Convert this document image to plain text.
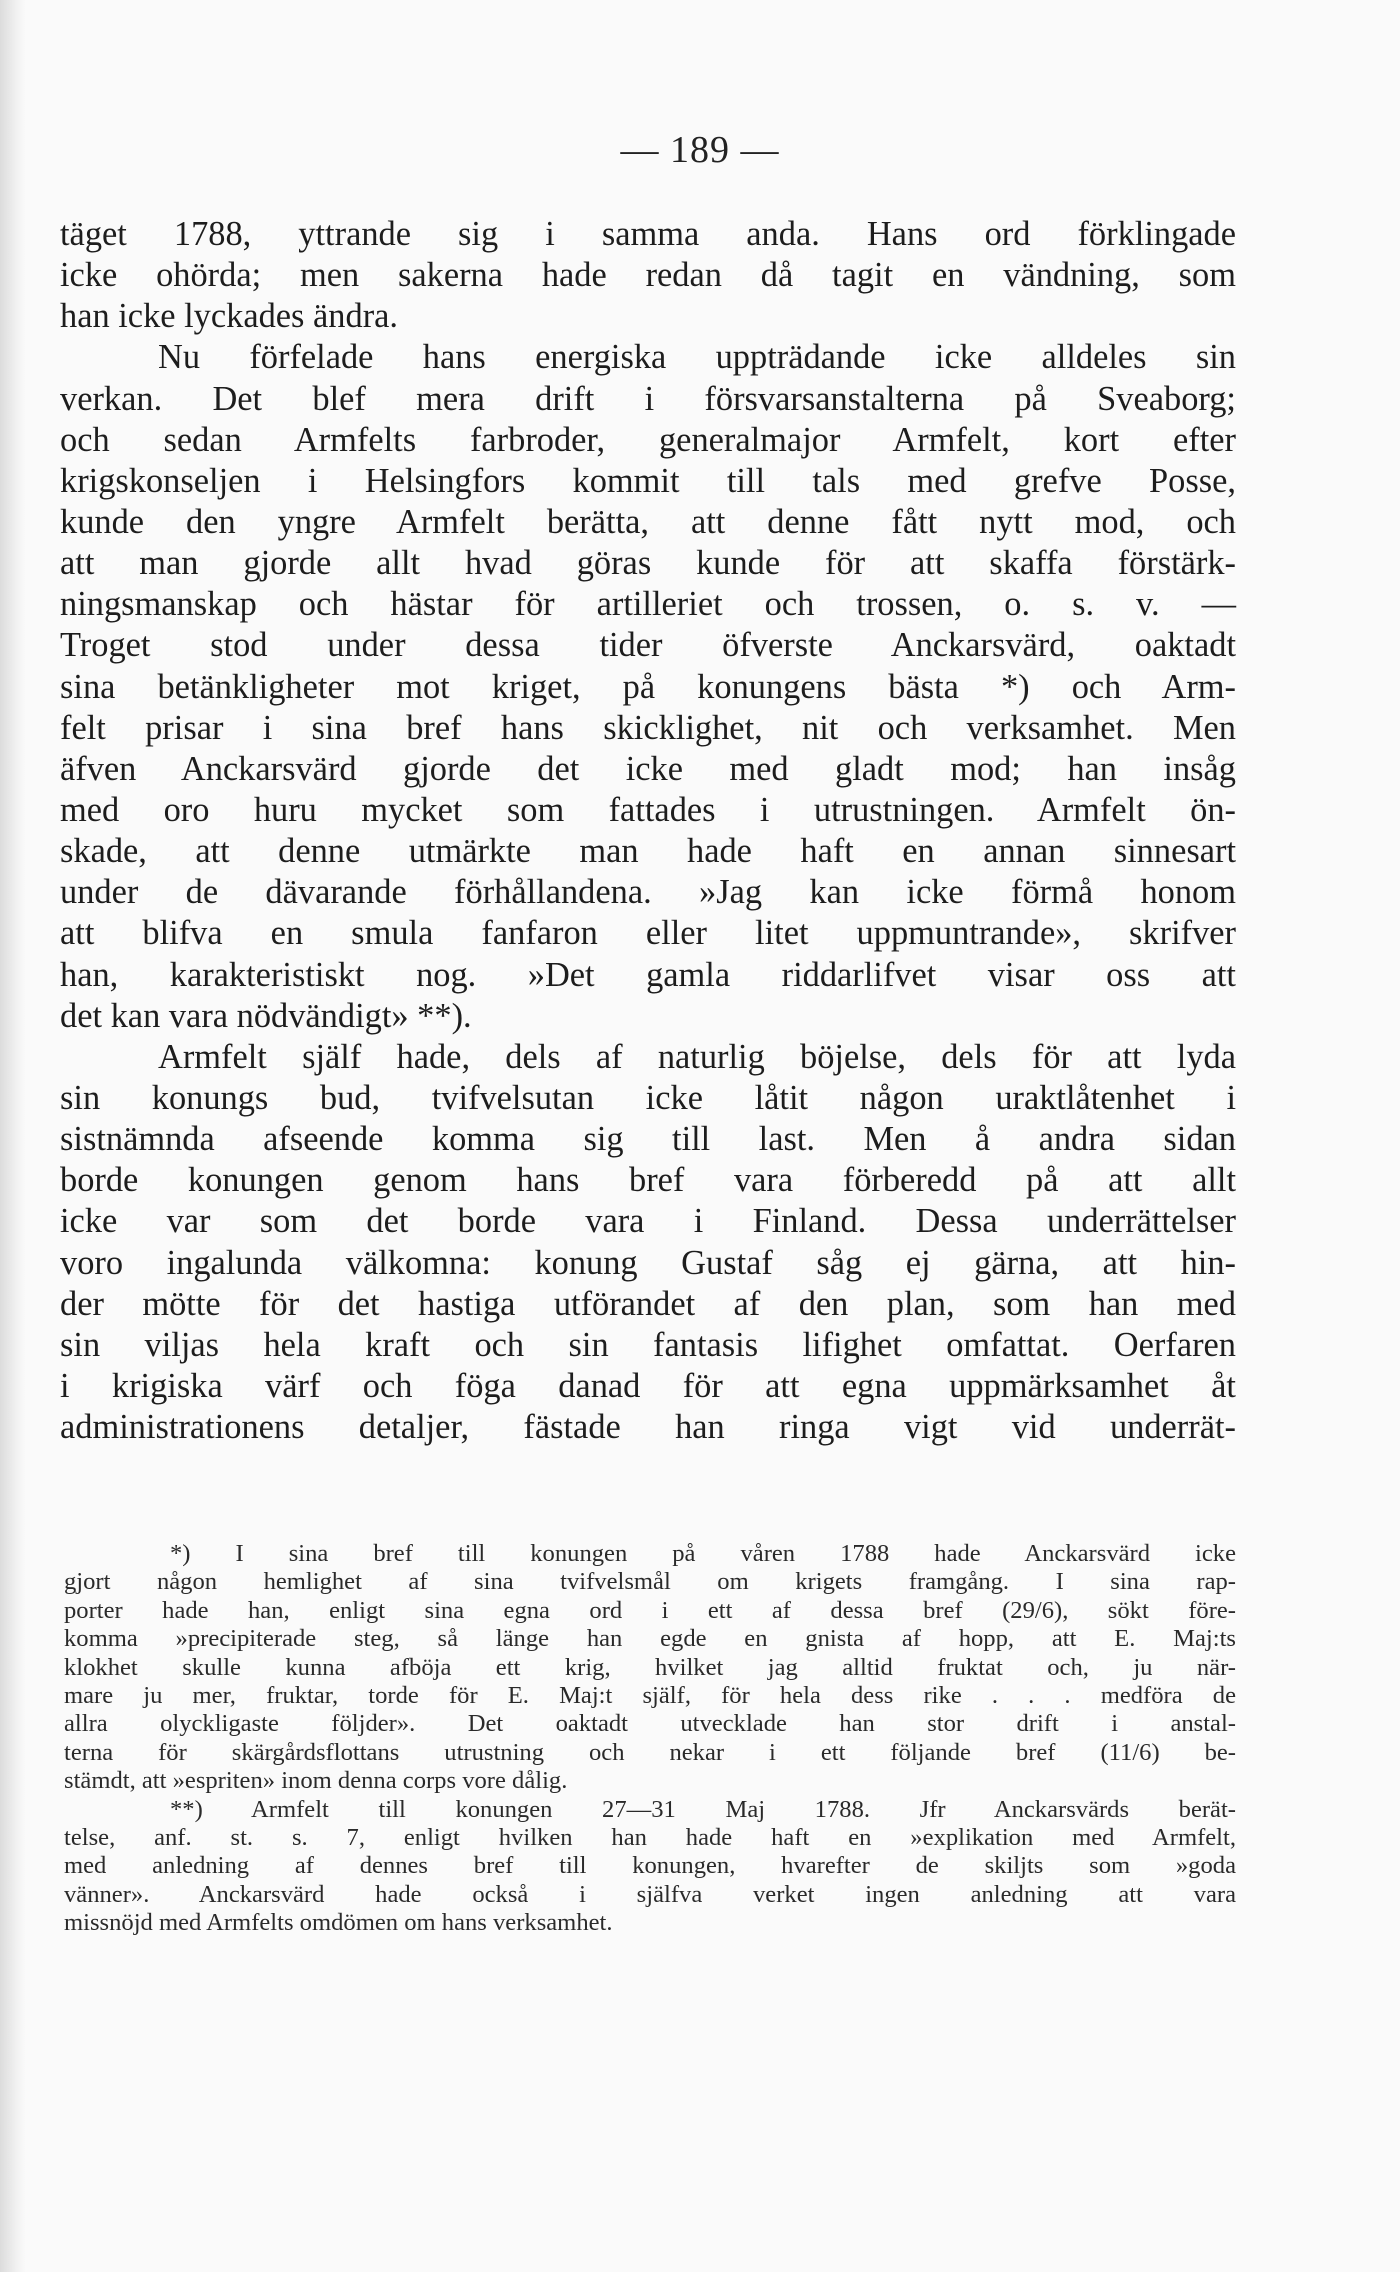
— 189 —
täget 1788, yttrande sig i samma anda. Hans ord förklingade
icke ohörda; men sakerna hade redan då tagit en vändning, som
han icke lyckades ändra.
Nu förfelade hans energiska uppträdande icke alldeles sin
verkan. Det blef mera drift i försvarsanstalterna på Sveaborg;
och sedan Armfelts farbroder, generalmajor Armfelt, kort efter
krigskonseljen i Helsingfors kommit till tals med grefve Posse,
kunde den yngre Armfelt berätta, att denne fått nytt mod, och
att man gjorde allt hvad göras kunde för att skaffa förstärk-
ningsmanskap och hästar för artilleriet och trossen, o. s. v. —
Troget stod under dessa tider öfverste Anckarsvärd, oaktadt
sina betänkligheter mot kriget, på konungens bästa *) och Arm-
felt prisar i sina bref hans skicklighet, nit och verksamhet. Men
äfven Anckarsvärd gjorde det icke med gladt mod; han insåg
med oro huru mycket som fattades i utrustningen. Armfelt ön-
skade, att denne utmärkte man hade haft en annan sinnesart
under de dävarande förhållandena. »Jag kan icke förmå honom
att blifva en smula fanfaron eller litet uppmuntrande», skrifver
han, karakteristiskt nog. »Det gamla riddarlifvet visar oss att
det kan vara nödvändigt» **).
Armfelt själf hade, dels af naturlig böjelse, dels för att lyda
sin konungs bud, tvifvelsutan icke låtit någon uraktlåtenhet i
sistnämnda afseende komma sig till last. Men å andra sidan
borde konungen genom hans bref vara förberedd på att allt
icke var som det borde vara i Finland. Dessa underrättelser
voro ingalunda välkomna: konung Gustaf såg ej gärna, att hin-
der mötte för det hastiga utförandet af den plan, som han med
sin viljas hela kraft och sin fantasis lifighet omfattat. Oerfaren
i krigiska värf och föga danad för att egna uppmärksamhet åt
administrationens detaljer, fästade han ringa vigt vid underrät-
*) I sina bref till konungen på våren 1788 hade Anckarsvärd icke
gjort någon hemlighet af sina tvifvelsmål om krigets framgång. I sina rap-
porter hade han, enligt sina egna ord i ett af dessa bref (29/6), sökt före-
komma »precipiterade steg, så länge han egde en gnista af hopp, att E. Maj:ts
klokhet skulle kunna afböja ett krig, hvilket jag alltid fruktat och, ju när-
mare ju mer, fruktar, torde för E. Maj:t själf, för hela dess rike . . . medföra de
allra olyckligaste följder». Det oaktadt utvecklade han stor drift i anstal-
terna för skärgårdsflottans utrustning och nekar i ett följande bref (11/6) be-
stämdt, att »espriten» inom denna corps vore dålig.
**) Armfelt till konungen 27—31 Maj 1788. Jfr Anckarsvärds berät-
telse, anf. st. s. 7, enligt hvilken han hade haft en »explikation med Armfelt,
med anledning af dennes bref till konungen, hvarefter de skiljts som »goda
vänner». Anckarsvärd hade också i själfva verket ingen anledning att vara
missnöjd med Armfelts omdömen om hans verksamhet.
